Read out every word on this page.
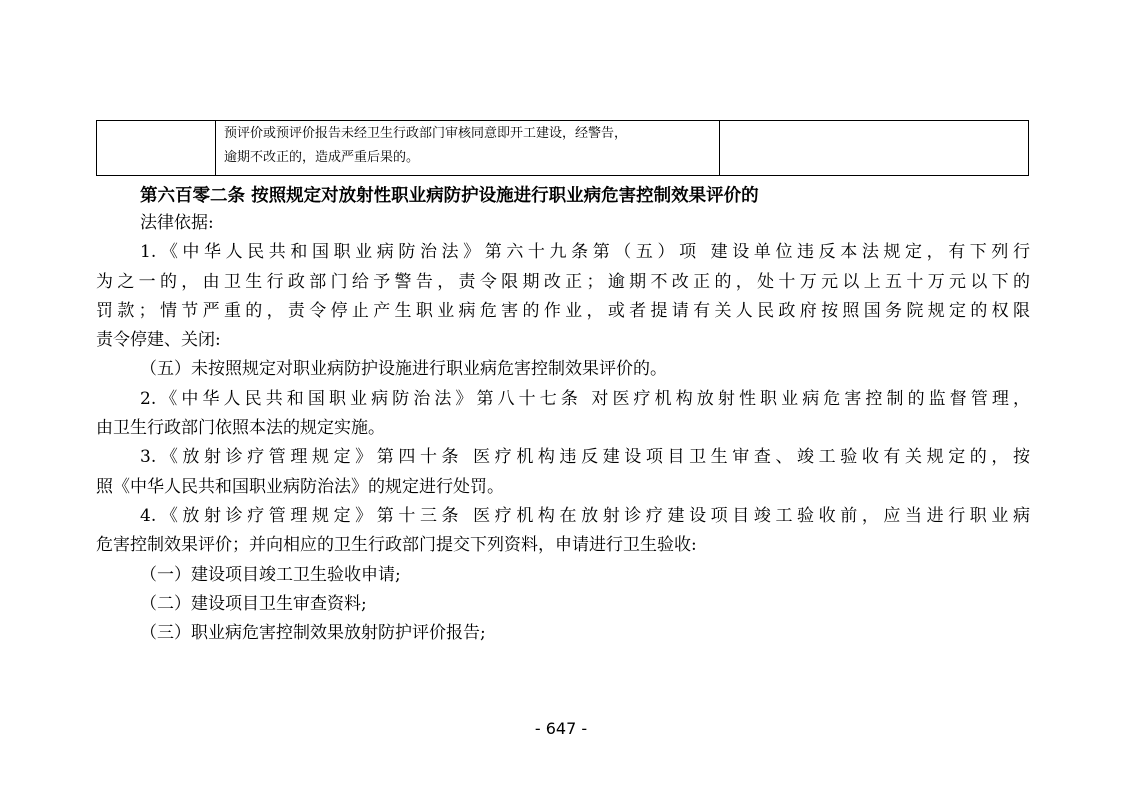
预评价或预评价报告未经卫生行政部门审核同意即开工建设，经警告，
逾期不改正的，造成严重后果的。

第六百零二条 按照规定对放射性职业病防护设施进行职业病危害控制效果评价的

法律依据:

1.《中华人民共和国职业病防治法》第六十九条第（五）项 建设单位违反本法规定，有下列行

为之一的，由卫生行政部门给予警告，责令限期改正；逾期不改正的，处十万元以上五十万元以下的

罚款；情节严重的，责令停止产生职业病危害的作业，或者提请有关人民政府按照国务院规定的权限

责令停建、关闭:

（五）未按照规定对职业病防护设施进行职业病危害控制效果评价的。

2.《中华人民共和国职业病防治法》第八十七条 对医疗机构放射性职业病危害控制的监督管理，

由卫生行政部门依照本法的规定实施。

3.《放射诊疗管理规定》第四十条 医疗机构违反建设项目卫生审查、竣工验收有关规定的，按

照《中华人民共和国职业病防治法》的规定进行处罚。

4.《放射诊疗管理规定》第十三条 医疗机构在放射诊疗建设项目竣工验收前，应当进行职业病

危害控制效果评价；并向相应的卫生行政部门提交下列资料，申请进行卫生验收:

（一）建设项目竣工卫生验收申请;

（二）建设项目卫生审查资料;

（三）职业病危害控制效果放射防护评价报告;

- 647 -
